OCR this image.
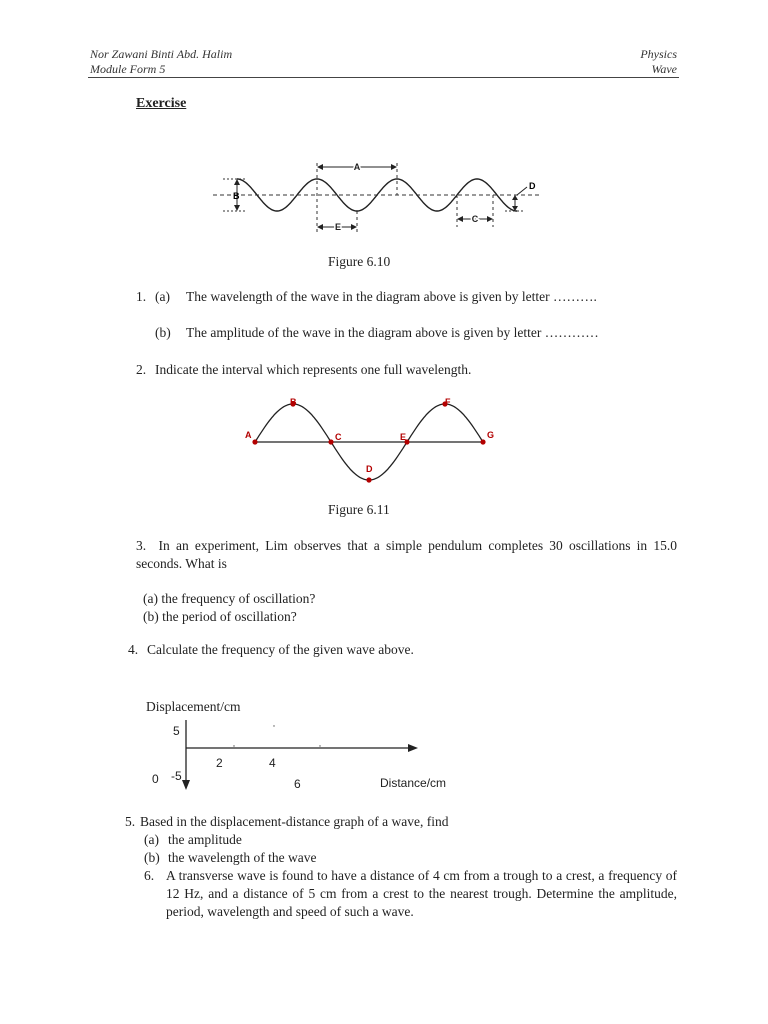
Nor Zawani Binti Abd. Halim
Module Form 5
Physics
Wave
Exercise
B
A
E
C
D
Figure 6.10
1. (a) The wavelength of the wave in the diagram above is given by letter ……….
(b) The amplitude of the wave in the diagram above is given by letter …………
2. Indicate the interval which represents one full wavelength.
A
B
C
D
E
F
G
Figure 6.11
3. In an experiment, Lim observes that a simple pendulum completes 30 oscillations in 15.0 seconds. What is
(a) the frequency of oscillation?
(b) the period of oscillation?
4. Calculate the frequency of the given wave above.
Displacement/cm
5
2	4
0 -5
6	Distance/cm
5. Based in the displacement-distance graph of a wave, find
(a) the amplitude
(b) the wavelength of the wave
6. A transverse wave is found to have a distance of 4 cm from a trough to a crest, a frequency of 12 Hz, and a distance of 5 cm from a crest to the nearest trough. Determine the amplitude, period, wavelength and speed of such a wave.
